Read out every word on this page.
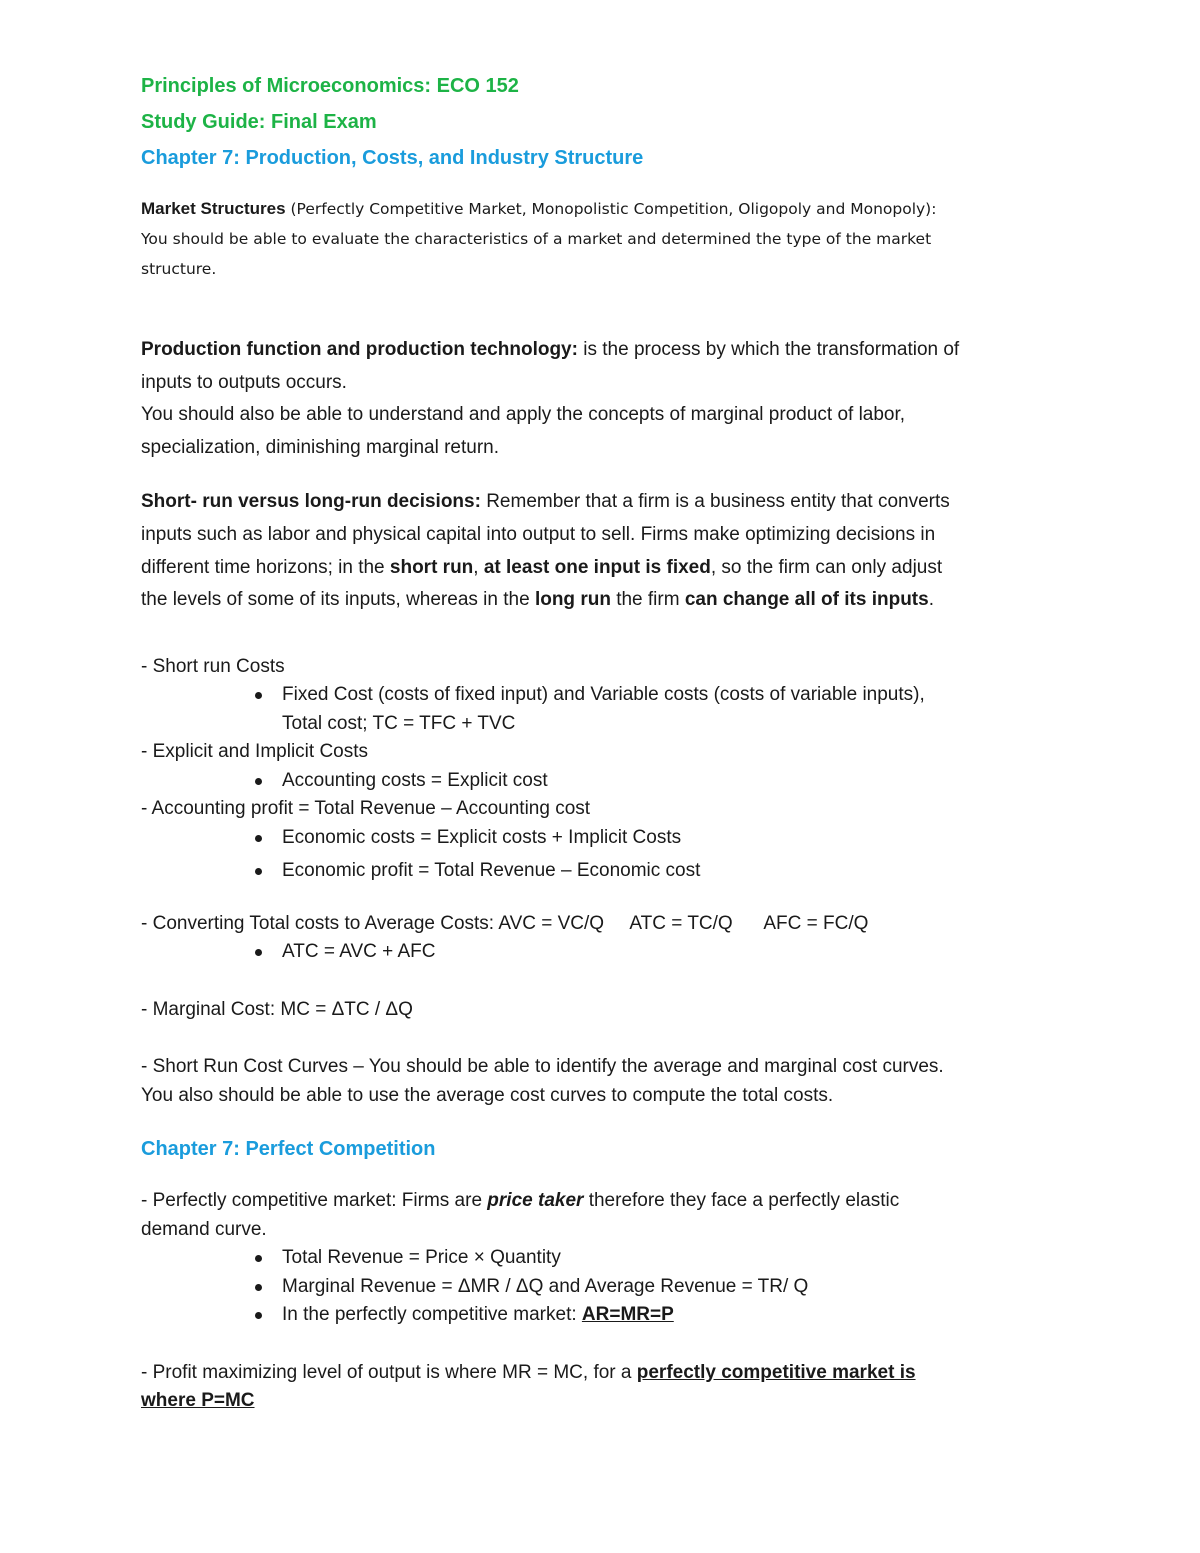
Principles of Microeconomics: ECO 152

Study Guide: Final Exam

Chapter 7: Production, Costs, and Industry Structure

Market Structures (Perfectly Competitive Market, Monopolistic Competition, Oligopoly and Monopoly):

You should be able to evaluate the characteristics of a market and determined the type of the market

structure.

Production function and production technology: is the process by which the transformation of

inputs to outputs occurs.

You should also be able to understand and apply the concepts of marginal product of labor,

specialization, diminishing marginal return.

Short- run versus long-run decisions: Remember that a firm is a business entity that converts

inputs such as labor and physical capital into output to sell. Firms make optimizing decisions in

different time horizons; in the short run, at least one input is fixed, so the firm can only adjust

the levels of some of its inputs, whereas in the long run the firm can change all of its inputs.

- Short run Costs

Fixed Cost (costs of fixed input) and Variable costs (costs of variable inputs),

Total cost; TC = TFC + TVC

- Explicit and Implicit Costs

Accounting costs = Explicit cost

- Accounting profit = Total Revenue – Accounting cost

Economic costs = Explicit costs + Implicit Costs

Economic profit = Total Revenue – Economic cost

- Converting Total costs to Average Costs: AVC = VC/Q     ATC = TC/Q      AFC = FC/Q

ATC = AVC + AFC

- Marginal Cost: MC = ΔTC / ΔQ

- Short Run Cost Curves – You should be able to identify the average and marginal cost curves.

You also should be able to use the average cost curves to compute the total costs.

Chapter 7: Perfect Competition

- Perfectly competitive market: Firms are price taker therefore they face a perfectly elastic

demand curve.

Total Revenue = Price × Quantity

Marginal Revenue = ΔMR / ΔQ and Average Revenue = TR/ Q

In the perfectly competitive market: AR=MR=P

- Profit maximizing level of output is where MR = MC, for a perfectly competitive market is

where P=MC
